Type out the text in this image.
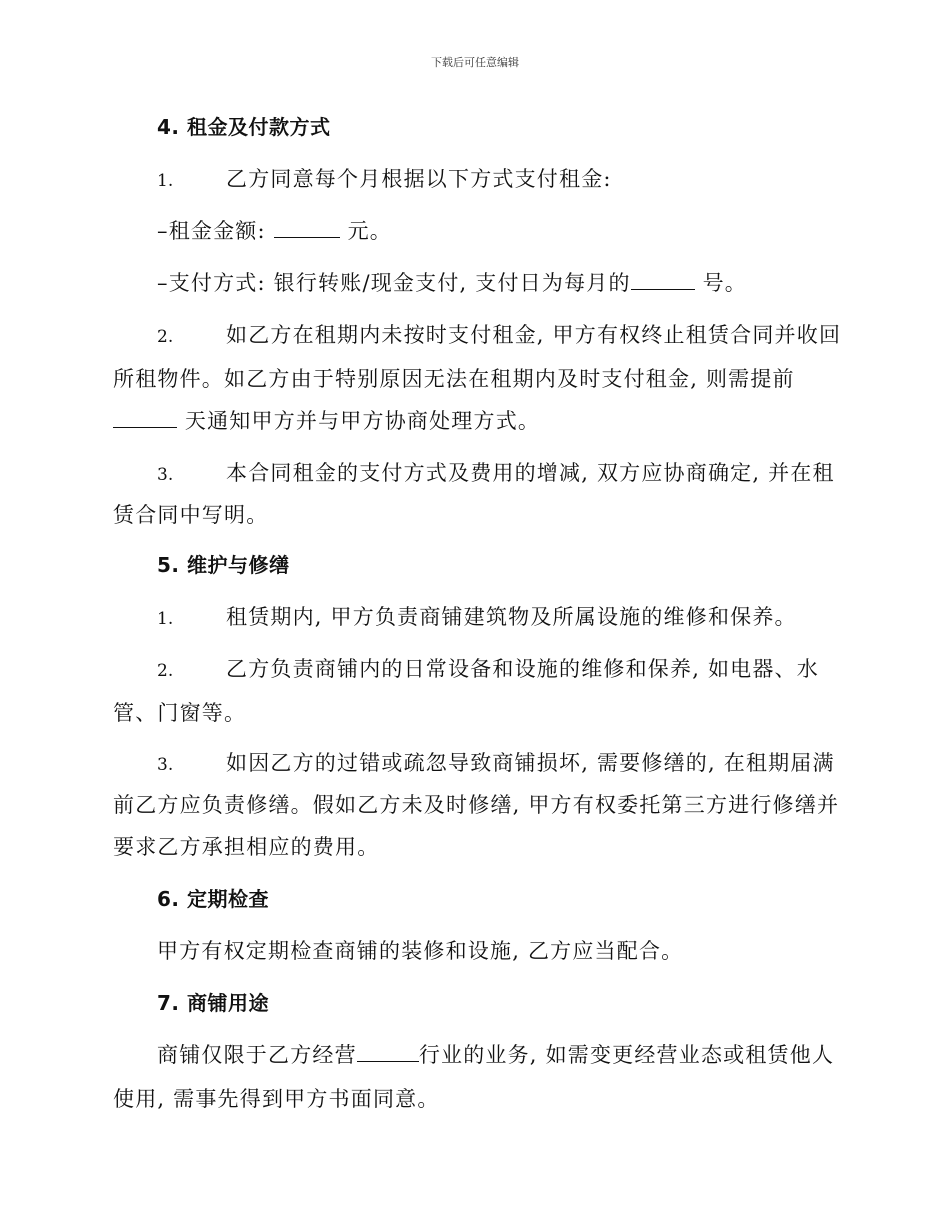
下载后可任意编辑
4. 租金及付款方式
1.	乙方同意每个月根据以下方式支付租金:
–租金金额:	元。
–支付方式: 银行转账/现金支付, 支付日为每月的	号。
2.	如乙方在租期内未按时支付租金, 甲方有权终止租赁合同并收回
所租物件。如乙方由于特别原因无法在租期内及时支付租金, 则需提前
天通知甲方并与甲方协商处理方式。
3.	本合同租金的支付方式及费用的增减, 双方应协商确定, 并在租
赁合同中写明。
5. 维护与修缮
1.	租赁期内, 甲方负责商铺建筑物及所属设施的维修和保养。
2.	乙方负责商铺内的日常设备和设施的维修和保养, 如电器、水
管、门窗等。
3.	如因乙方的过错或疏忽导致商铺损坏, 需要修缮的, 在租期届满
前乙方应负责修缮。假如乙方未及时修缮, 甲方有权委托第三方进行修缮并
要求乙方承担相应的费用。
6. 定期检查
甲方有权定期检查商铺的装修和设施, 乙方应当配合。
7. 商铺用途
商铺仅限于乙方经营	行业的业务, 如需变更经营业态或租赁他人
使用, 需事先得到甲方书面同意。
